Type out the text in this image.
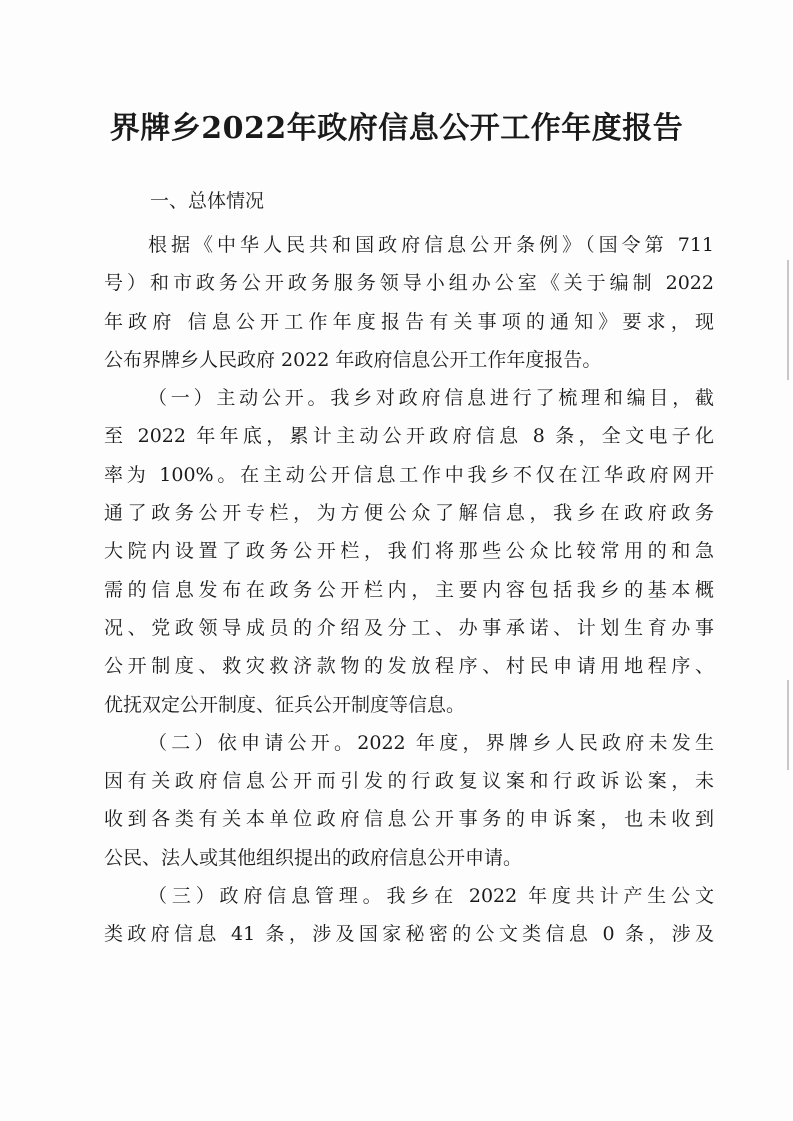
界牌乡2022年政府信息公开工作年度报告
一、总体情况
根据《中华人民共和国政府信息公开条例》（国令第 711
号）和市政务公开政务服务领导小组办公室《关于编制 2022
年政府 信息公开工作年度报告有关事项的通知》要求，现
公布界牌乡人民政府 2022 年政府信息公开工作年度报告。
（一）主动公开。我乡对政府信息进行了梳理和编目，截
至 2022 年年底，累计主动公开政府信息 8 条，全文电子化
率为 100%。在主动公开信息工作中我乡不仅在江华政府网开
通了政务公开专栏，为方便公众了解信息，我乡在政府政务
大院内设置了政务公开栏，我们将那些公众比较常用的和急
需的信息发布在政务公开栏内，主要内容包括我乡的基本概
况、党政领导成员的介绍及分工、办事承诺、计划生育办事
公开制度、救灾救济款物的发放程序、村民申请用地程序、
优抚双定公开制度、征兵公开制度等信息。
（二）依申请公开。2022 年度，界牌乡人民政府未发生
因有关政府信息公开而引发的行政复议案和行政诉讼案，未
收到各类有关本单位政府信息公开事务的申诉案，也未收到
公民、法人或其他组织提出的政府信息公开申请。
（三）政府信息管理。我乡在 2022 年度共计产生公文
类政府信息 41 条，涉及国家秘密的公文类信息 0 条，涉及
